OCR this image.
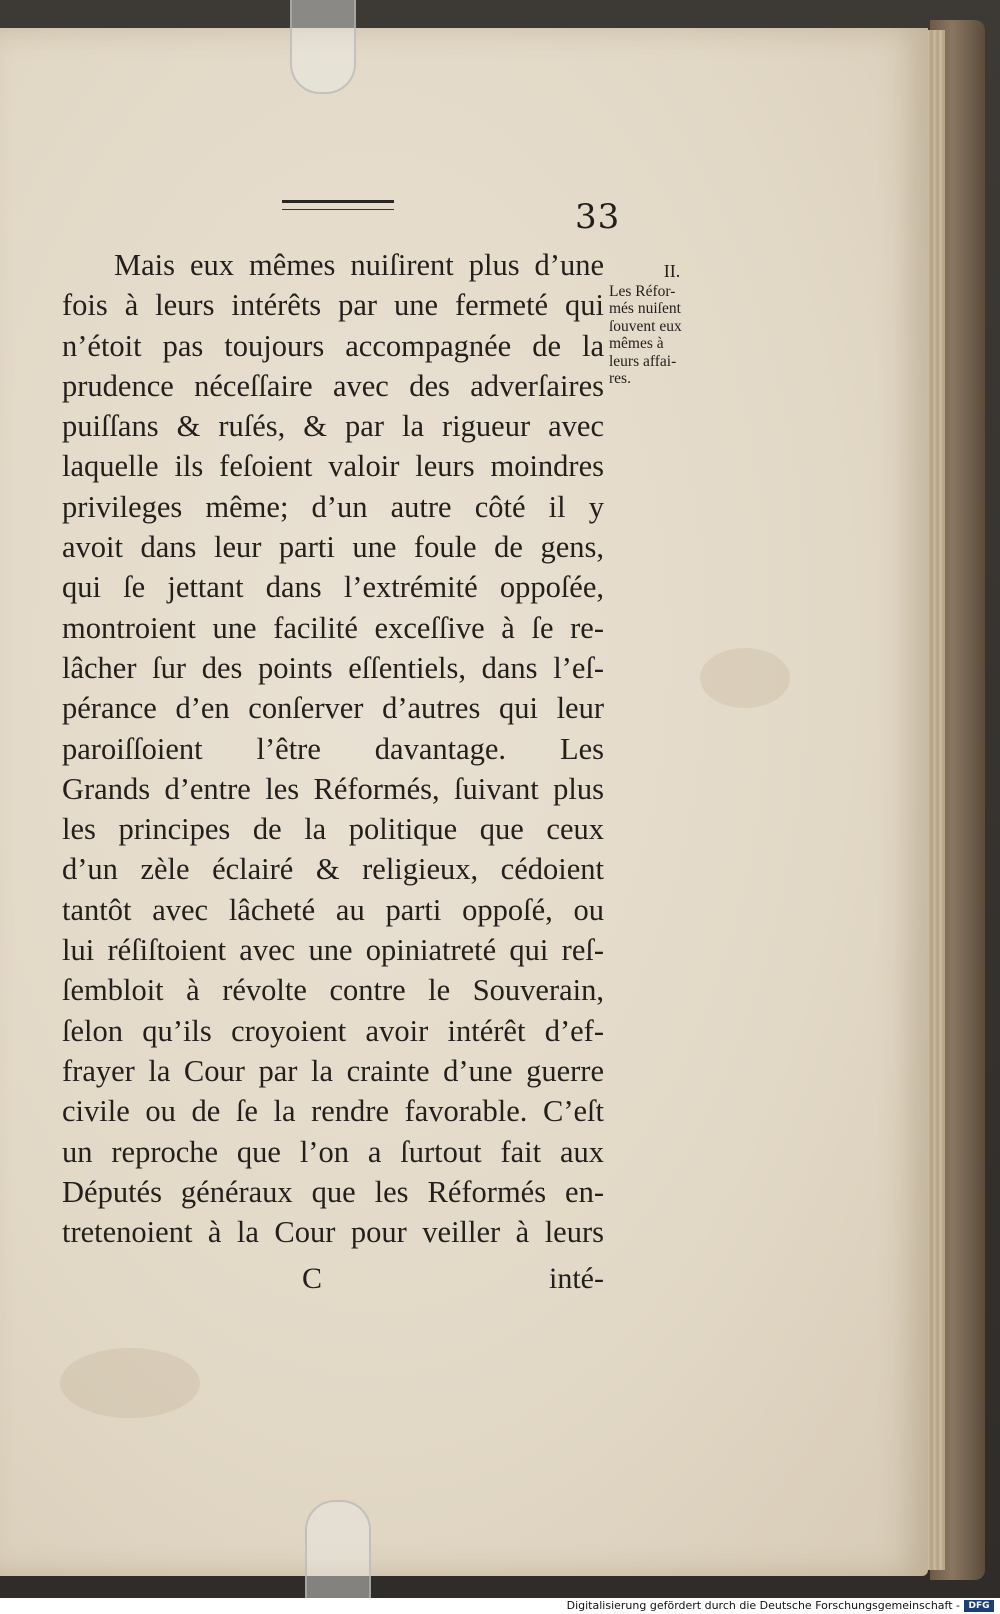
33
II.
Les Réfor-
més nuiſent
ſouvent eux
mêmes à
leurs affai-
res.
Mais eux mêmes nuiſirent plus d’une
fois à leurs intérêts par une fermeté qui
n’étoit pas toujours accompagnée de la
prudence néceſſaire avec des adverſaires
puiſſans & ruſés, & par la rigueur avec
laquelle ils feſoient valoir leurs moindres
privileges même; d’un autre côté il y
avoit dans leur parti une foule de gens,
qui ſe jettant dans l’extrémité oppoſée,
montroient une facilité exceſſive à ſe re-
lâcher ſur des points eſſentiels, dans l’eſ-
pérance d’en conſerver d’autres qui leur
paroiſſoient l’être davantage. Les
Grands d’entre les Réformés, ſuivant plus
les principes de la politique que ceux
d’un zèle éclairé & religieux, cédoient
tantôt avec lâcheté au parti oppoſé, ou
lui réſiſtoient avec une opiniatreté qui reſ-
ſembloit à révolte contre le Souverain,
ſelon qu’ils croyoient avoir intérêt d’ef-
frayer la Cour par la crainte d’une guerre
civile ou de ſe la rendre favorable. C’eſt
un reproche que l’on a ſurtout fait aux
Députés généraux que les Réformés en-
tretenoient à la Cour pour veiller à leurs
C	inté-
Digitalisierung gefördert durch die Deutsche Forschungsgemeinschaft - DFG
